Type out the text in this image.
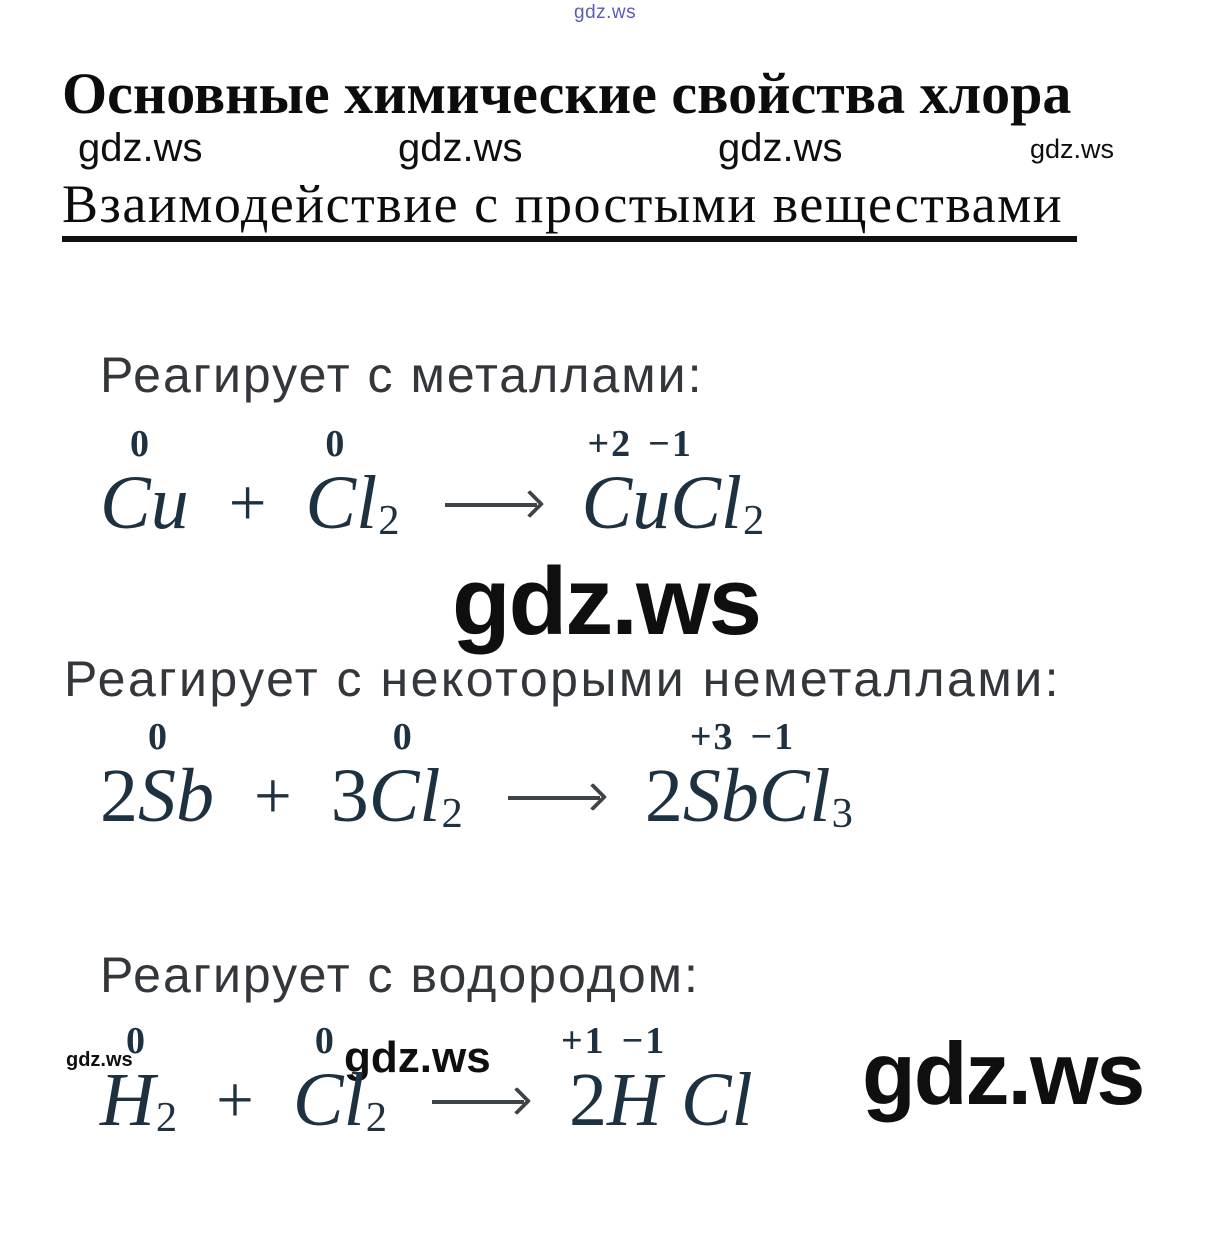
gdz.ws
Основные химические свойства хлора
gdz.ws	gdz.ws	gdz.ws	gdz.ws
Взаимодействие с простыми веществами
Реагирует с металлами:
0
Cu +
0
Cl2
+2 −1
CuCl2
gdz.ws
Реагирует с некоторыми неметаллами:
0
2Sb +
0
3Cl2
+3 −1
2SbCl3
Реагирует с водородом:
gdz.ws	gdz.ws	gdz.ws
0
H2 +
0
Cl2
+1 −1
2H Cl
